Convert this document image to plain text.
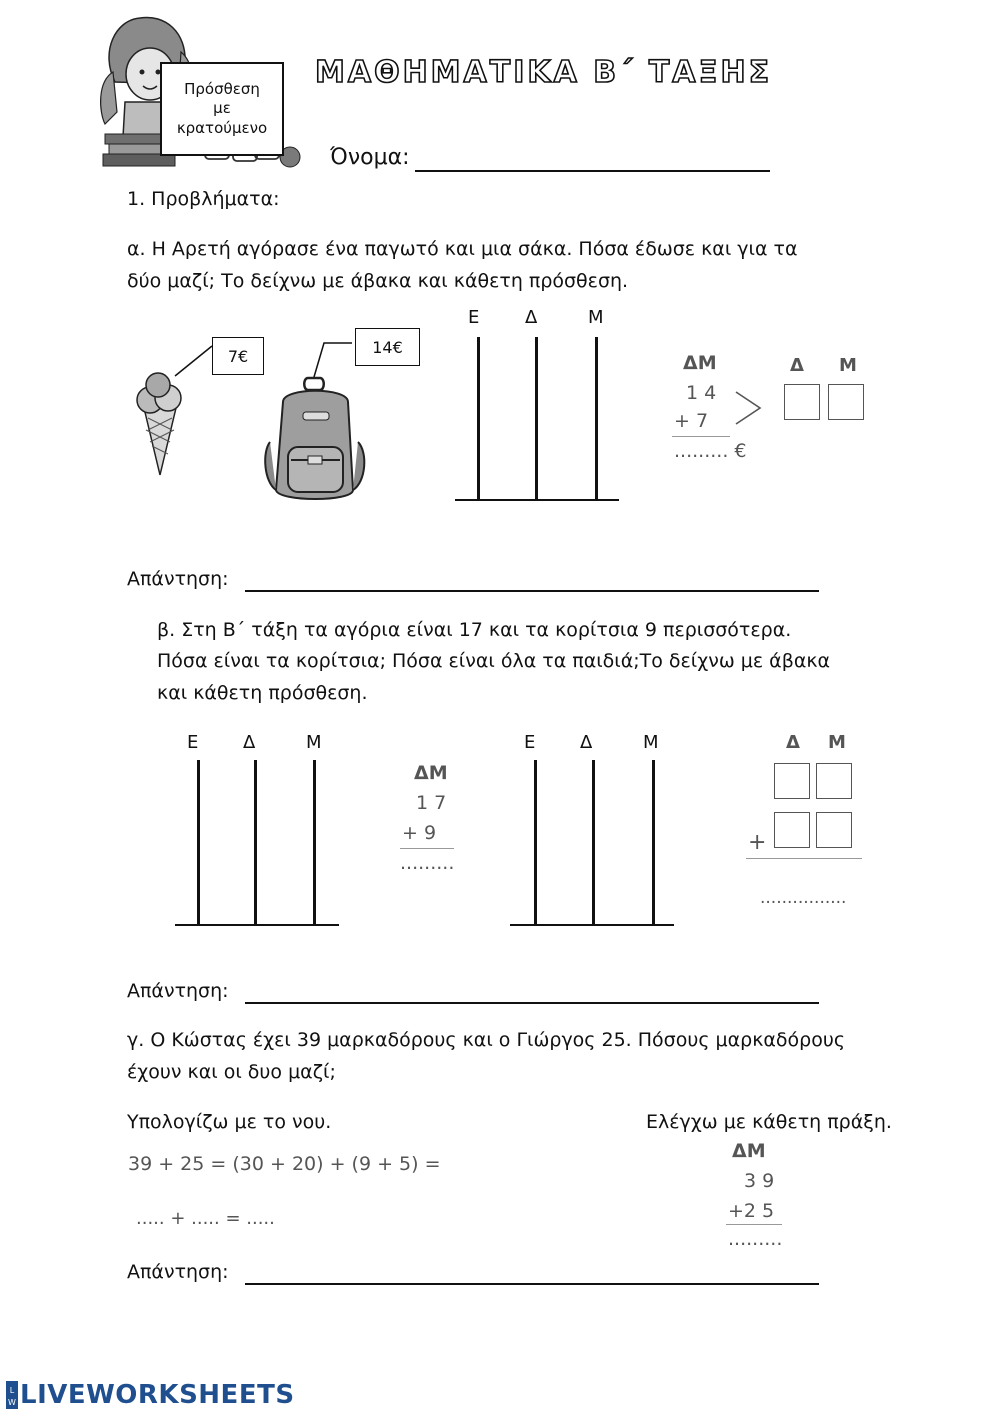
Πρόσθεση
με
κρατούμενο
ΜΑΘΗΜΑΤΙΚΑ Β΄ ΤΑΞΗΣ
Όνομα:
1. Προβλήματα:
α. Η Αρετή αγόρασε ένα παγωτό και μια σάκα. Πόσα έδωσε και για τα
δύο μαζί; Το δείχνω με άβακα και κάθετη πρόσθεση.
7€	14€
Ε	Δ	Μ
ΔΜ
1 4
+ 7
......... €
Δ Μ
Απάντηση:
β. Στη Β΄ τάξη τα αγόρια είναι 17 και τα κορίτσια 9 περισσότερα.
Πόσα είναι τα κορίτσια; Πόσα είναι όλα τα παιδιά;Το δείχνω με άβακα
και κάθετη πρόσθεση.
Ε Δ	Μ
ΔΜ
1 7
+ 9
.........
Ε Δ	Μ	Δ Μ
+
................
Απάντηση:
γ. Ο Κώστας έχει 39 μαρκαδόρους και ο Γιώργος 25. Πόσους μαρκαδόρους
έχουν και οι δυο μαζί;
Υπολογίζω με το νου.	Ελέγχω με κάθετη πράξη.
39 + 25 = (30 + 20) + (9 + 5) =
..... + ..... = .....
ΔΜ
3 9
+2 5
.........
Απάντηση:
L
W LIVEWORKSHEETS
